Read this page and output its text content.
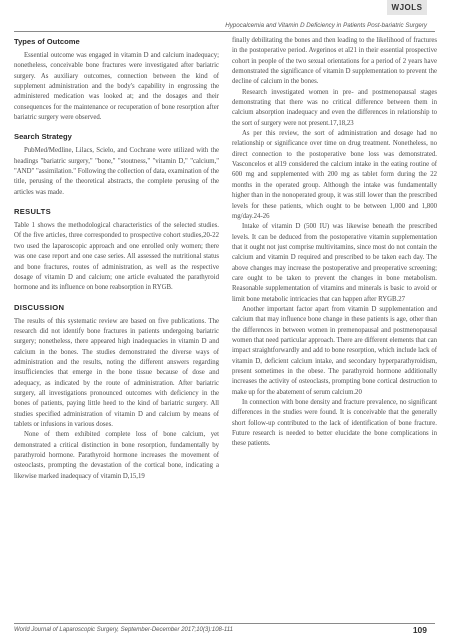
WJOLS
Hypocalcemia and Vitamin D Deficiency in Patients Post-bariatric Surgery
Types of Outcome

Essential outcome was engaged in vitamin D and calcium inadequacy; nonetheless, conceivable bone fractures were investigated after bariatric surgery. As auxiliary outcomes, connection between the kind of supplement administration and the body's capability in engrossing the administered medication was looked at; and the dosages and their consequences for the maintenance or recuperation of bone resorption after bariatric surgery were observed.

Search Strategy

PubMed/Medline, Lilacs, Scielo, and Cochrane were utilized with the headings "bariatric surgery," "bone," "stoutness," "vitamin D," "calcium," "AND" "assimilation." Following the collection of data, examination of the title, perusing of the theoretical abstracts, the complete perusing of the articles was made.

RESULTS

Table 1 shows the methodological characteristics of the selected studies. Of the five articles, three corresponded to prospective cohort studies,20-22 two used the laparoscopic approach and one enrolled only women; there was one case report and one case series. All assessed the nutritional status and bone fractures, routes of administration, as well as the respective dosage of vitamin D and calcium; one article evaluated the parathyroid hormone and its influence on bone reabsorption in RYGB.

DISCUSSION

The results of this systematic review are based on five publications. The research did not identify bone fractures in patients undergoing bariatric surgery; nonetheless, there appeared high inadequacies in vitamin D and calcium in the bones. The studies demonstrated the diverse ways of administration and the results, noting the different answers regarding insufficiencies that emerge in the bone tissue because of dose and adequacy, as indicated by the route of administration. After bariatric surgery, all investigations pronounced outcomes with deficiency in the bones of patients, paying little heed to the kind of bariatric surgery. All studies specified administration of vitamin D and calcium by means of tablets or infusions in various doses.

None of them exhibited complete loss of bone calcium, yet demonstrated a critical distinction in bone resorption, fundamentally by parathyroid hormone. Parathyroid hormone increases the movement of osteoclasts, prompting the devastation of the cortical bone, indicating a likewise marked inadequacy of vitamin D,15,19

finally debilitating the bones and then leading to the likelihood of fractures in the postoperative period. Avgerinos et al21 in their essential prospective cohort in people of the two sexual orientations for a period of 2 years have demonstrated the significance of vitamin D supplementation to prevent the decline of calcium in the bones.

Research investigated women in pre- and postmenopausal stages demonstrating that there was no critical difference between them in calcium absorption inadequacy and even the differences in relationship to the sort of surgery were not present.17,18,23

As per this review, the sort of administration and dosage had no relationship or significance over time on drug treatment. Nonetheless, no direct connection to the postoperative bone loss was demonstrated. Vasconcelos et al19 considered the calcium intake in the eating routine of 600 mg and supplemented with 200 mg as tablet form during the 22 months in the operated group. Although the intake was fundamentally higher than in the nonoperated group, it was still lower than the prescribed levels for these patients, which ought to be between 1,000 and 1,800 mg/day.24-26

Intake of vitamin D (500 IU) was likewise beneath the prescribed levels. It can be deduced from the postoperative vitamin supplementation that it ought not just comprise multivitamins, since most do not contain the calcium and vitamin D required and prescribed to be taken each day. The above changes may increase the postoperative and preoperative screening; care ought to be taken to prevent the changes in bone metabolism. Reasonable supplementation of vitamins and minerals is basic to avoid or limit bone metabolic intricacies that can happen after RYGB.27

Another important factor apart from vitamin D supplementation and calcium that may influence bone change in these patients is age, other than the differences in between women in premenopausal and postmenopausal women that need particular approach. There are different elements that can impact straightforwardly and add to bone resorption, which include lack of vitamin D, deficient calcium intake, and secondary hyperparathyroidism, present sometimes in the obese. The parathyroid hormone additionally increases the activity of osteoclasts, prompting bone cortical destruction to make up for the abatement of serum calcium.20

In connection with bone density and fracture prevalence, no significant differences in the studies were found. It is conceivable that the generally short follow-up contributed to the lack of identification of bone fracture. Future research is needed to better elucidate the bone complications in these patients.

World Journal of Laparoscopic Surgery, September-December 2017;10(3):108-111	109
